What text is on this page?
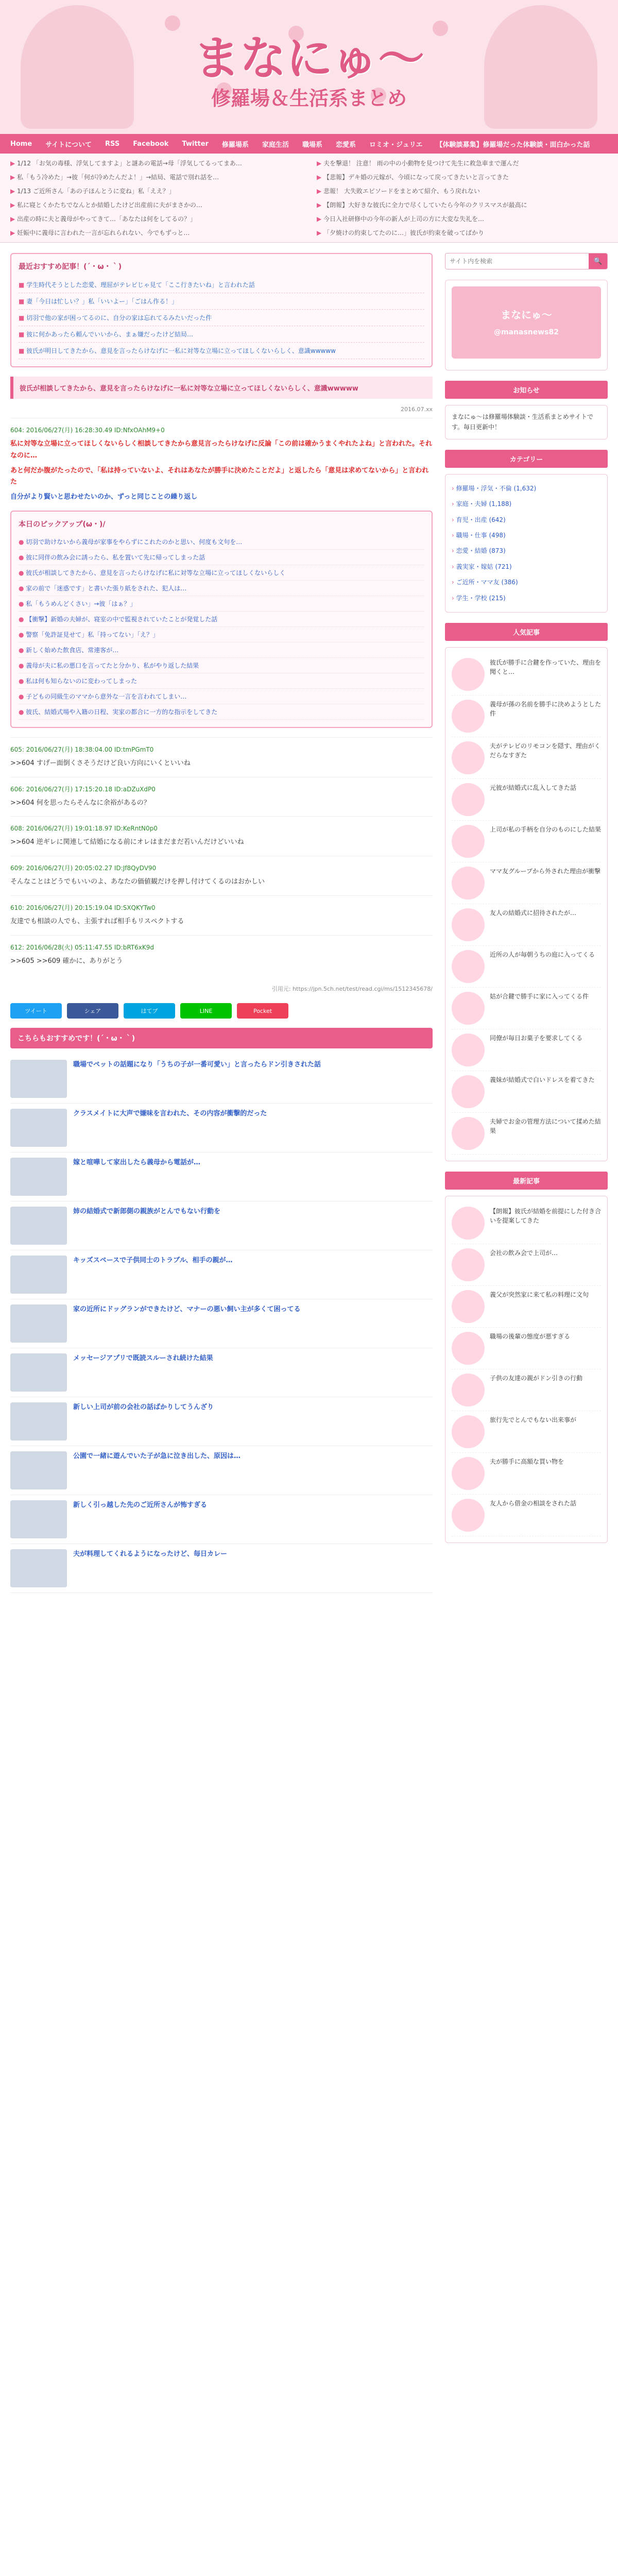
まなにゅ〜
修羅場＆生活系まとめ
Home サイトについて RSS Facebook Twitter 修羅場系 家庭生活 職場系 恋愛系 ロミオ・ジュリエ 【体験談募集】修羅場だった体験談・面白かった話
▶ 1/12 「お気の毒様、浮気してますよ」と謎あの電話→母「浮気してるってまあ…	▶ 夫を撃退！ 注意！ 雨の中の小動物を見つけて先生に救急車まで運んだ
▶ 私「もう冷めた」→彼「何が冷めたんだよ！」→結局、電話で別れ話を…	▶ 【悲報】デキ婚の元嫁が、今頃になって戻ってきたいと言ってきた
▶ 1/13 ご近所さん「あの子ほんとうに変ね」私「ええ？」	▶ 悲報！ 大失敗エピソードをまとめて紹介、もう戻れない
▶ 私に寝とくかたちでなんとか結婚したけど出産前に夫がまさかの…	▶ 【朗報】大好きな彼氏に全力で尽くしていたら今年のクリスマスが最高に
▶ 出産の時に夫と義母がやってきて…「あなたは何をしてるの？」	▶ 今日入社研修中の今年の新人が上司の方に大変な失礼を…
▶ 妊娠中に義母に言われた一言が忘れられない、今でもずっと…	▶ 「夕焼けの約束してたのに…」彼氏が約束を破ってばかり
最近おすすめ記事！(´・ω・｀)
■ 学生時代そうとした恋愛、理屈がテレビじゃ見て「ここ行きたいね」と言われた話
■ 妻「今日は忙しい？」私「いいよー」「ごはん作る！」
■ 切羽で他の家が困ってるのに、自分の家は忘れてるみたいだった件
■ 彼に何かあったら頼んでいいから、まぁ嫌だったけど結局…
■ 彼氏が明日してきたから、意見を言ったらけなげに一私に対等な立場に立ってほしくないらしく、意識wwwww
彼氏が相談してきたから、意見を言ったらけなげに一私に対等な立場に立ってほしくないらしく、意識wwwww
2016.07.xx
604: 2016/06/27(月) 16:28:30.49 ID:NfxOAhM9+0
私に対等な立場に立ってほしくないらしく相談してきたから意見言ったらけなげに反論「この前は確かうまくやれたよね」と言われた。それなのに…
あと何だか腹がたったので、「私は持っていないよ、それはあなたが勝手に決めたことだよ」と返したら「意見は求めてないから」と言われた
自分がより賢いと思わせたいのか、ずっと同じことの繰り返し
本日のピックアップ(ω・)/
● 切羽で助けないから義母が家事をやらずにこれたのかと思い、何度も文句を…
● 彼に同伴の飲み会に誘ったら、私を置いて先に帰ってしまった話
● 彼氏が相談してきたから、意見を言ったらけなげに私に対等な立場に立ってほしくないらしく
● 家の前で「迷惑です」と書いた張り紙をされた、犯人は…
● 私「もうめんどくさい」→彼「はぁ？」
● 【衝撃】新婚の夫婦が、寝室の中で監視されていたことが発覚した話
● 警察「免許証見せて」私「持ってない」「え？」
● 新しく始めた飲食店、常連客が…
● 義母が夫に私の悪口を言ってたと分かり、私がやり返した結果
● 私は何も知らないのに変わってしまった
● 子どもの同級生のママから意外な一言を言われてしまい…
● 彼氏、結婚式場や入籍の日程、実家の都合に一方的な指示をしてきた
605: 2016/06/27(月) 18:38:04.00 ID:tmPGmT0
>>604 すげー面倒くさそうだけど良い方向にいくといいね
606: 2016/06/27(月) 17:15:20.18 ID:aDZuXdP0
>>604 何を思ったらそんなに余裕があるの？
608: 2016/06/27(月) 19:01:18.97 ID:KeRntN0p0
>>604 逆ギレに関連して結婚になる前にオレはまだまだ若いんだけどいいね
609: 2016/06/27(月) 20:05:02.27 ID:Jf8QyDV90
そんなことはどうでもいいのよ、あなたの価値観だけを押し付けてくるのはおかしい
610: 2016/06/27(月) 20:15:19.04 ID:SXQKYTw0
友達でも相談の人でも、主張すれば相手もリスペクトする
612: 2016/06/28(火) 05:11:47.55 ID:bRT6xK9d
>>605 >>609 確かに、ありがとう
引用元: https://jpn.5ch.net/test/read.cgi/ms/1512345678/
ツイート	シェア	はてブ	LINE	Pocket
こちらもおすすめです！(´・ω・｀)
職場でペットの話題になり「うちの子が一番可愛い」と言ったらドン引きされた話
クラスメイトに大声で嫌味を言われた、その内容が衝撃的だった
嫁と喧嘩して家出したら義母から電話が…
姉の結婚式で新郎側の親族がとんでもない行動を
キッズスペースで子供同士のトラブル、相手の親が…
家の近所にドッグランができたけど、マナーの悪い飼い主が多くて困ってる
メッセージアプリで既読スルーされ続けた結果
新しい上司が前の会社の話ばかりしてうんざり
公園で一緒に遊んでいた子が急に泣き出した、原因は…
新しく引っ越した先のご近所さんが怖すぎる
夫が料理してくれるようになったけど、毎日カレー
サイト内を検索
🔍
まなにゅ〜
@manasnews82
お知らせ
まなにゅ〜は修羅場体験談・生活系まとめサイトです。毎日更新中！
カテゴリー
› 修羅場・浮気・不倫 (1,632)
› 家庭・夫婦 (1,188)
› 育児・出産 (642)
› 職場・仕事 (498)
› 恋愛・結婚 (873)
› 義実家・嫁姑 (721)
› ご近所・ママ友 (386)
› 学生・学校 (215)
人気記事
彼氏が勝手に合鍵を作っていた、理由を聞くと…
義母が孫の名前を勝手に決めようとした件
夫がテレビのリモコンを隠す、理由がくだらなすぎた
元彼が結婚式に乱入してきた話
上司が私の手柄を自分のものにした結果
ママ友グループから外された理由が衝撃
友人の結婚式に招待されたが…
近所の人が毎朝うちの庭に入ってくる
姑が合鍵で勝手に家に入ってくる件
同僚が毎日お菓子を要求してくる
義妹が結婚式で白いドレスを着てきた
夫婦でお金の管理方法について揉めた結果
最新記事
【朗報】彼氏が結婚を前提にした付き合いを提案してきた
会社の飲み会で上司が…
義父が突然家に来て私の料理に文句
職場の後輩の態度が悪すぎる
子供の友達の親がドン引きの行動
旅行先でとんでもない出来事が
夫が勝手に高額な買い物を
友人から借金の相談をされた話
